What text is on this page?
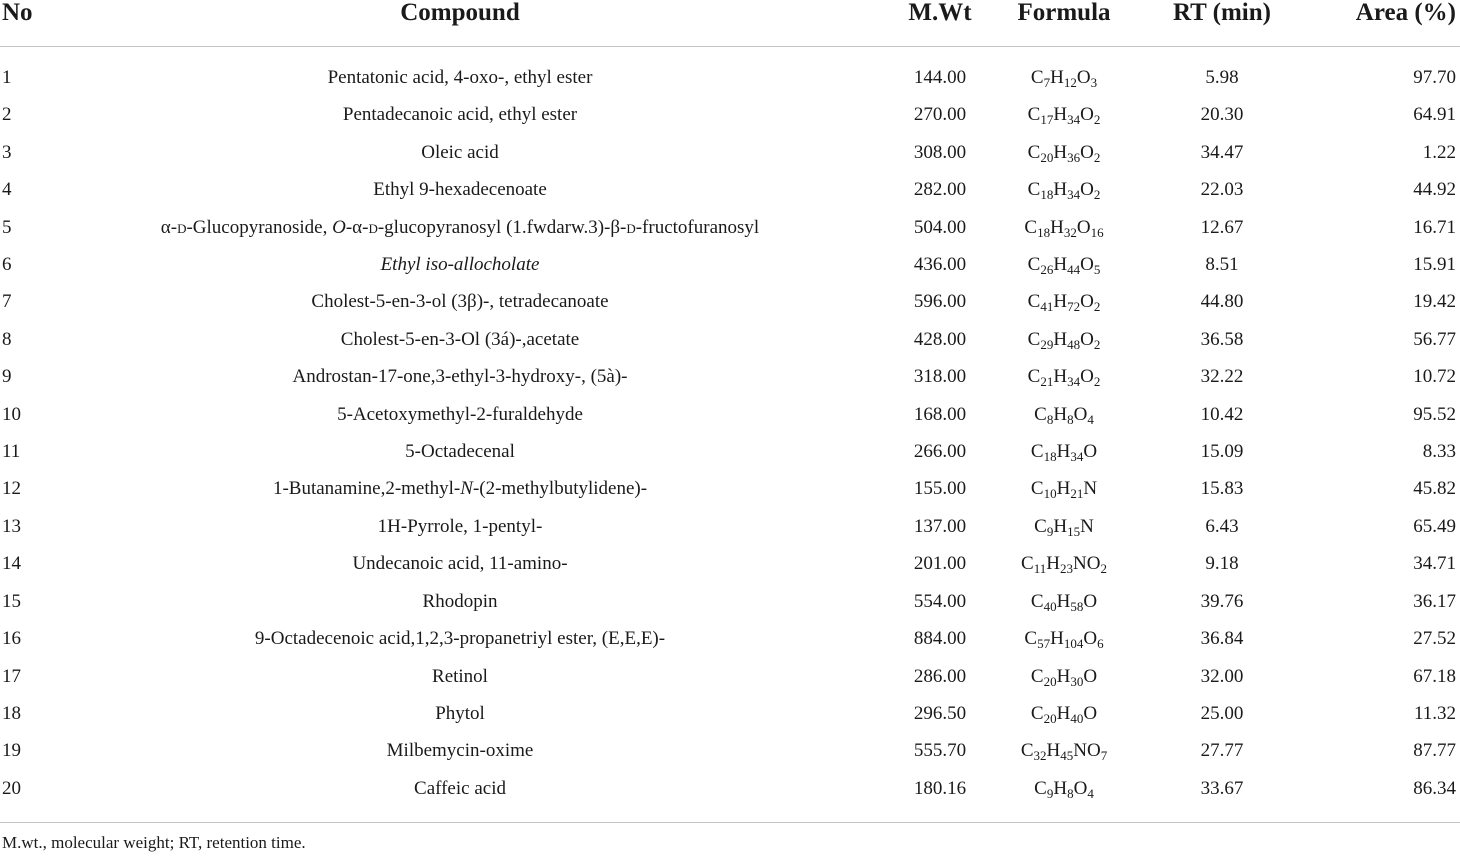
No	Compound	M.Wt	Formula	RT (min)	Area (%)

1	Pentatonic acid, 4-oxo-, ethyl ester	144.00	$C_7H_{12}O_3$	5.98	97.70
2	Pentadecanoic acid, ethyl ester	270.00	$C_{17}H_{34}O_2$	20.30	64.91
3	Oleic acid	308.00	$C_{20}H_{36}O_2$	34.47	1.22
4	Ethyl 9-hexadecenoate	282.00	$C_{18}H_{34}O_2$	22.03	44.92
5	α-d-Glucopyranoside, O-α-d-glucopyranosyl (1.fwdarw.3)-β-d-fructofuranosyl	504.00	$C_{18}H_{32}O_{16}$	12.67	16.71
6	Ethyl iso-allocholate	436.00	$C_{26}H_{44}O_5$	8.51	15.91
7	Cholest-5-en-3-ol (3β)-, tetradecanoate	596.00	$C_{41}H_{72}O_2$	44.80	19.42
8	Cholest-5-en-3-Ol (3á)-,acetate	428.00	$C_{29}H_{48}O_2$	36.58	56.77
9	Androstan-17-one,3-ethyl-3-hydroxy-, (5à)-	318.00	$C_{21}H_{34}O_2$	32.22	10.72
10	5-Acetoxymethyl-2-furaldehyde	168.00	$C_8H_8O_4$	10.42	95.52
11	5-Octadecenal	266.00	$C_{18}H_{34}O$	15.09	8.33
12	1-Butanamine,2-methyl-N-(2-methylbutylidene)-	155.00	$C_{10}H_{21}N$	15.83	45.82
13	1H-Pyrrole, 1-pentyl-	137.00	$C_9H_{15}N$	6.43	65.49
14	Undecanoic acid, 11-amino-	201.00	$C_{11}H_{23}NO_2$	9.18	34.71
15	Rhodopin	554.00	$C_{40}H_{58}O$	39.76	36.17
16	9-Octadecenoic acid,1,2,3-propanetriyl ester, (E,E,E)-	884.00	$C_{57}H_{104}O_6$	36.84	27.52
17	Retinol	286.00	$C_{20}H_{30}O$	32.00	67.18
18	Phytol	296.50	$C_{20}H_{40}O$	25.00	11.32
19	Milbemycin-oxime	555.70	$C_{32}H_{45}NO_7$	27.77	87.77
20	Caffeic acid	180.16	$C_9H_8O_4$	33.67	86.34
M.wt., molecular weight; RT, retention time.
